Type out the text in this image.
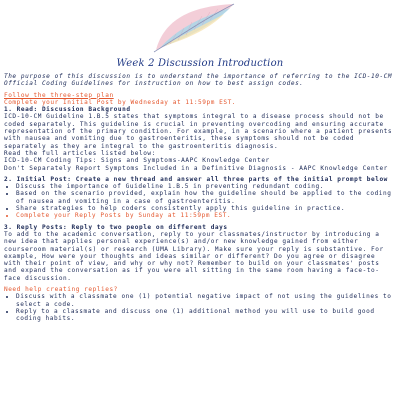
Week 2 Discussion Introduction

The purpose of this discussion is to understand the importance of referring to the ICD-10-CM Official Coding Guidelines for instruction on how to best assign codes.

Follow the three-step plan

Complete your Initial Post by Wednesday at 11:59pm EST.

1. Read: Discussion Background

ICD-10-CM Guideline 1.B.5 states that symptoms integral to a disease process should not be coded separately. This guideline is crucial in preventing overcoding and ensuring accurate representation of the primary condition. For example, in a scenario where a patient presents with nausea and vomiting due to gastroenteritis, these symptoms should not be coded separately as they are integral to the gastroenteritis diagnosis.

Read the full articles listed below:

ICD-10-CM Coding Tips: Signs and Symptoms-AAPC Knowledge Center

Don't Separately Report Symptoms Included in a Definitive Diagnosis - AAPC Knowledge Center

2. Initial Post: Create a new thread and answer all three parts of the initial prompt below

• Discuss the importance of Guideline 1.B.5 in preventing redundant coding.
• Based on the scenario provided, explain how the guideline should be applied to the coding of nausea and vomiting in a case of gastroenteritis.
• Share strategies to help coders consistently apply this guideline in practice.
• Complete your Reply Posts by Sunday at 11:59pm EST.

3. Reply Posts: Reply to two people on different days

To add to the academic conversation, reply to your classmates/instructor by introducing a new idea that applies personal experience(s) and/or new knowledge gained from either courseroom material(s) or research (UMA Library). Make sure your reply is substantive. For example, How were your thoughts and ideas similar or different? Do you agree or disagree with their point of view, and why or why not? Remember to build on your classmates' posts and expand the conversation as if you were all sitting in the same room having a face-to-face discussion.

Need help creating replies?

• Discuss with a classmate one (1) potential negative impact of not using the guidelines to select a code.
• Reply to a classmate and discuss one (1) additional method you will use to build good coding habits.
